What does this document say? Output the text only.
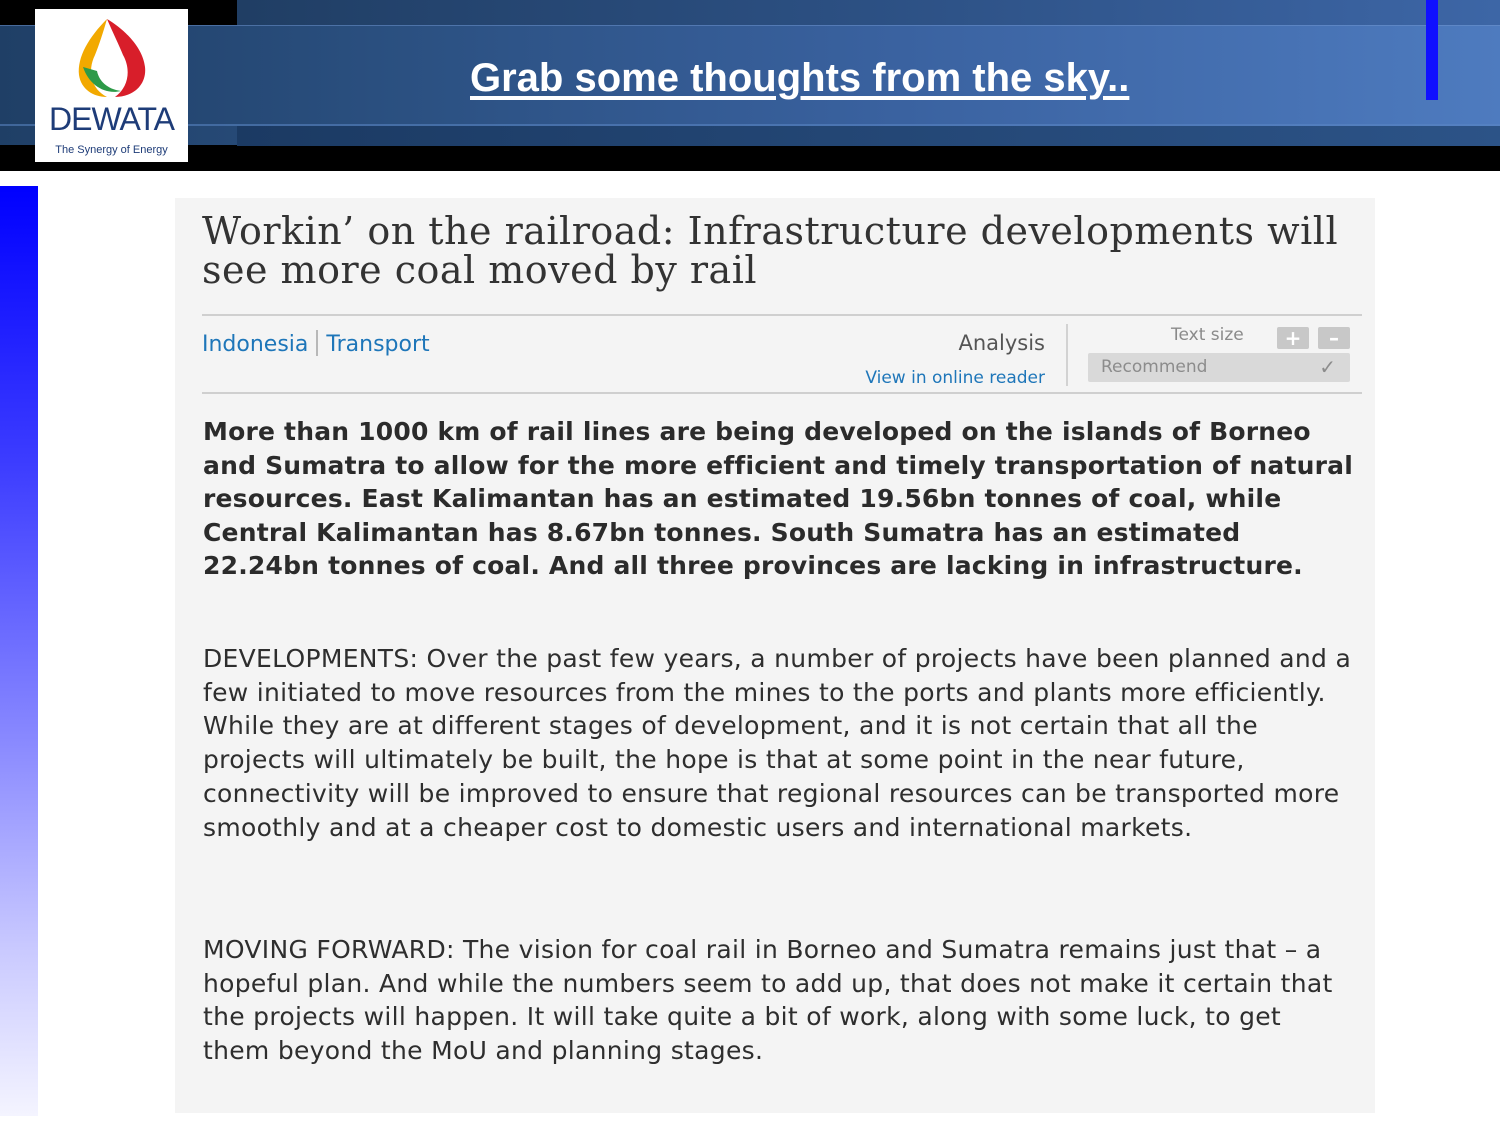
Grab some thoughts from the sky..
DEWATA
The Synergy of Energy
Workin’ on the railroad: Infrastructure developments will see more coal moved by rail
Indonesia Transport	Analysis
View in online reader
Text size	+	–
Recommend	✓

More than 1000 km of rail lines are being developed on the islands of Borneo and Sumatra to allow for the more efficient and timely transportation of natural resources. East Kalimantan has an estimated 19.56bn tonnes of coal, while Central Kalimantan has 8.67bn tonnes. South Sumatra has an estimated 22.24bn tonnes of coal. And all three provinces are lacking in infrastructure.

DEVELOPMENTS: Over the past few years, a number of projects have been planned and a few initiated to move resources from the mines to the ports and plants more efficiently. While they are at different stages of development, and it is not certain that all the projects will ultimately be built, the hope is that at some point in the near future, connectivity will be improved to ensure that regional resources can be transported more smoothly and at a cheaper cost to domestic users and international markets.

MOVING FORWARD: The vision for coal rail in Borneo and Sumatra remains just that – a hopeful plan. And while the numbers seem to add up, that does not make it certain that the projects will happen. It will take quite a bit of work, along with some luck, to get them beyond the MoU and planning stages.
